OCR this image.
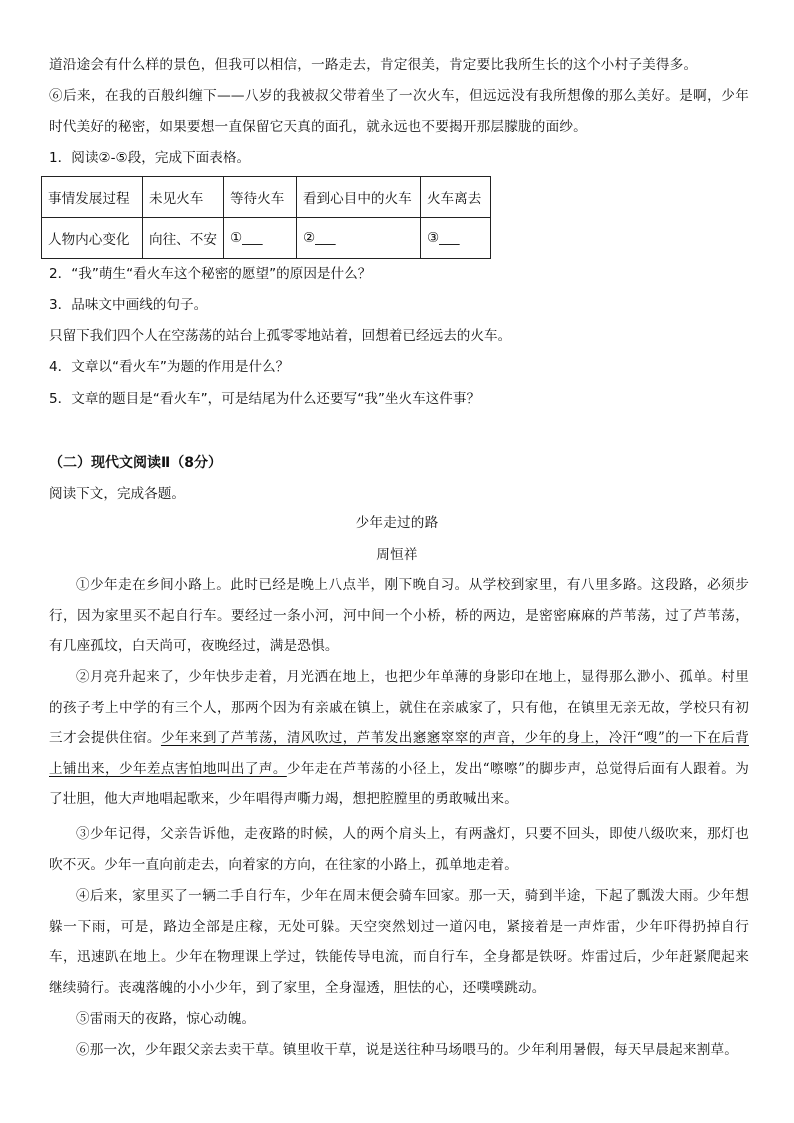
道沿途会有什么样的景色，但我可以相信，一路走去，肯定很美，肯定要比我所生长的这个小村子美得多。
⑥后来，在我的百般纠缠下——八岁的我被叔父带着坐了一次火车，但远远没有我所想像的那么美好。是啊，少年时代美好的秘密，如果要想一直保留它天真的面孔，就永远也不要揭开那层朦胧的面纱。
1．阅读②-⑤段，完成下面表格。
事情发展过程	未见火车	等待火车	看到心目中的火车	火车离去
人物内心变化	向往、不安	①___	②___	③___
2．“我”萌生“看火车这个秘密的愿望”的原因是什么？
3．品味文中画线的句子。
只留下我们四个人在空荡荡的站台上孤零零地站着，回想着已经远去的火车。
4．文章以“看火车”为题的作用是什么？
5．文章的题目是“看火车”，可是结尾为什么还要写“我”坐火车这件事？
（二）现代文阅读Ⅱ（8分）
阅读下文，完成各题。
少年走过的路
周恒祥
①少年走在乡间小路上。此时已经是晚上八点半，刚下晚自习。从学校到家里，有八里多路。这段路，必须步行，因为家里买不起自行车。要经过一条小河，河中间一个小桥，桥的两边，是密密麻麻的芦苇荡，过了芦苇荡，有几座孤坟，白天尚可，夜晚经过，满是恐惧。
②月亮升起来了，少年快步走着，月光洒在地上，也把少年单薄的身影印在地上，显得那么渺小、孤单。村里的孩子考上中学的有三个人，那两个因为有亲戚在镇上，就住在亲戚家了，只有他，在镇里无亲无故，学校只有初三才会提供住宿。少年来到了芦苇荡，清风吹过，芦苇发出窸窸窣窣的声音，少年的身上，冷汗“嗖”的一下在后背上铺出来，少年差点害怕地叫出了声。少年走在芦苇荡的小径上，发出“嚓嚓”的脚步声，总觉得后面有人跟着。为了壮胆，他大声地唱起歌来，少年唱得声嘶力竭，想把腔膛里的勇敢喊出来。
③少年记得，父亲告诉他，走夜路的时候，人的两个肩头上，有两盏灯，只要不回头，即使八级吹来，那灯也吹不灭。少年一直向前走去，向着家的方向，在往家的小路上，孤单地走着。
④后来，家里买了一辆二手自行车，少年在周末便会骑车回家。那一天，骑到半途，下起了瓢泼大雨。少年想躲一下雨，可是，路边全部是庄稼，无处可躲。天空突然划过一道闪电，紧接着是一声炸雷，少年吓得扔掉自行车，迅速趴在地上。少年在物理课上学过，铁能传导电流，而自行车，全身都是铁呀。炸雷过后，少年赶紧爬起来继续骑行。丧魂落魄的小小少年，到了家里，全身湿透，胆怯的心，还噗噗跳动。
⑤雷雨天的夜路，惊心动魄。
⑥那一次，少年跟父亲去卖干草。镇里收干草，说是送往种马场喂马的。少年利用暑假，每天早晨起来割草。
